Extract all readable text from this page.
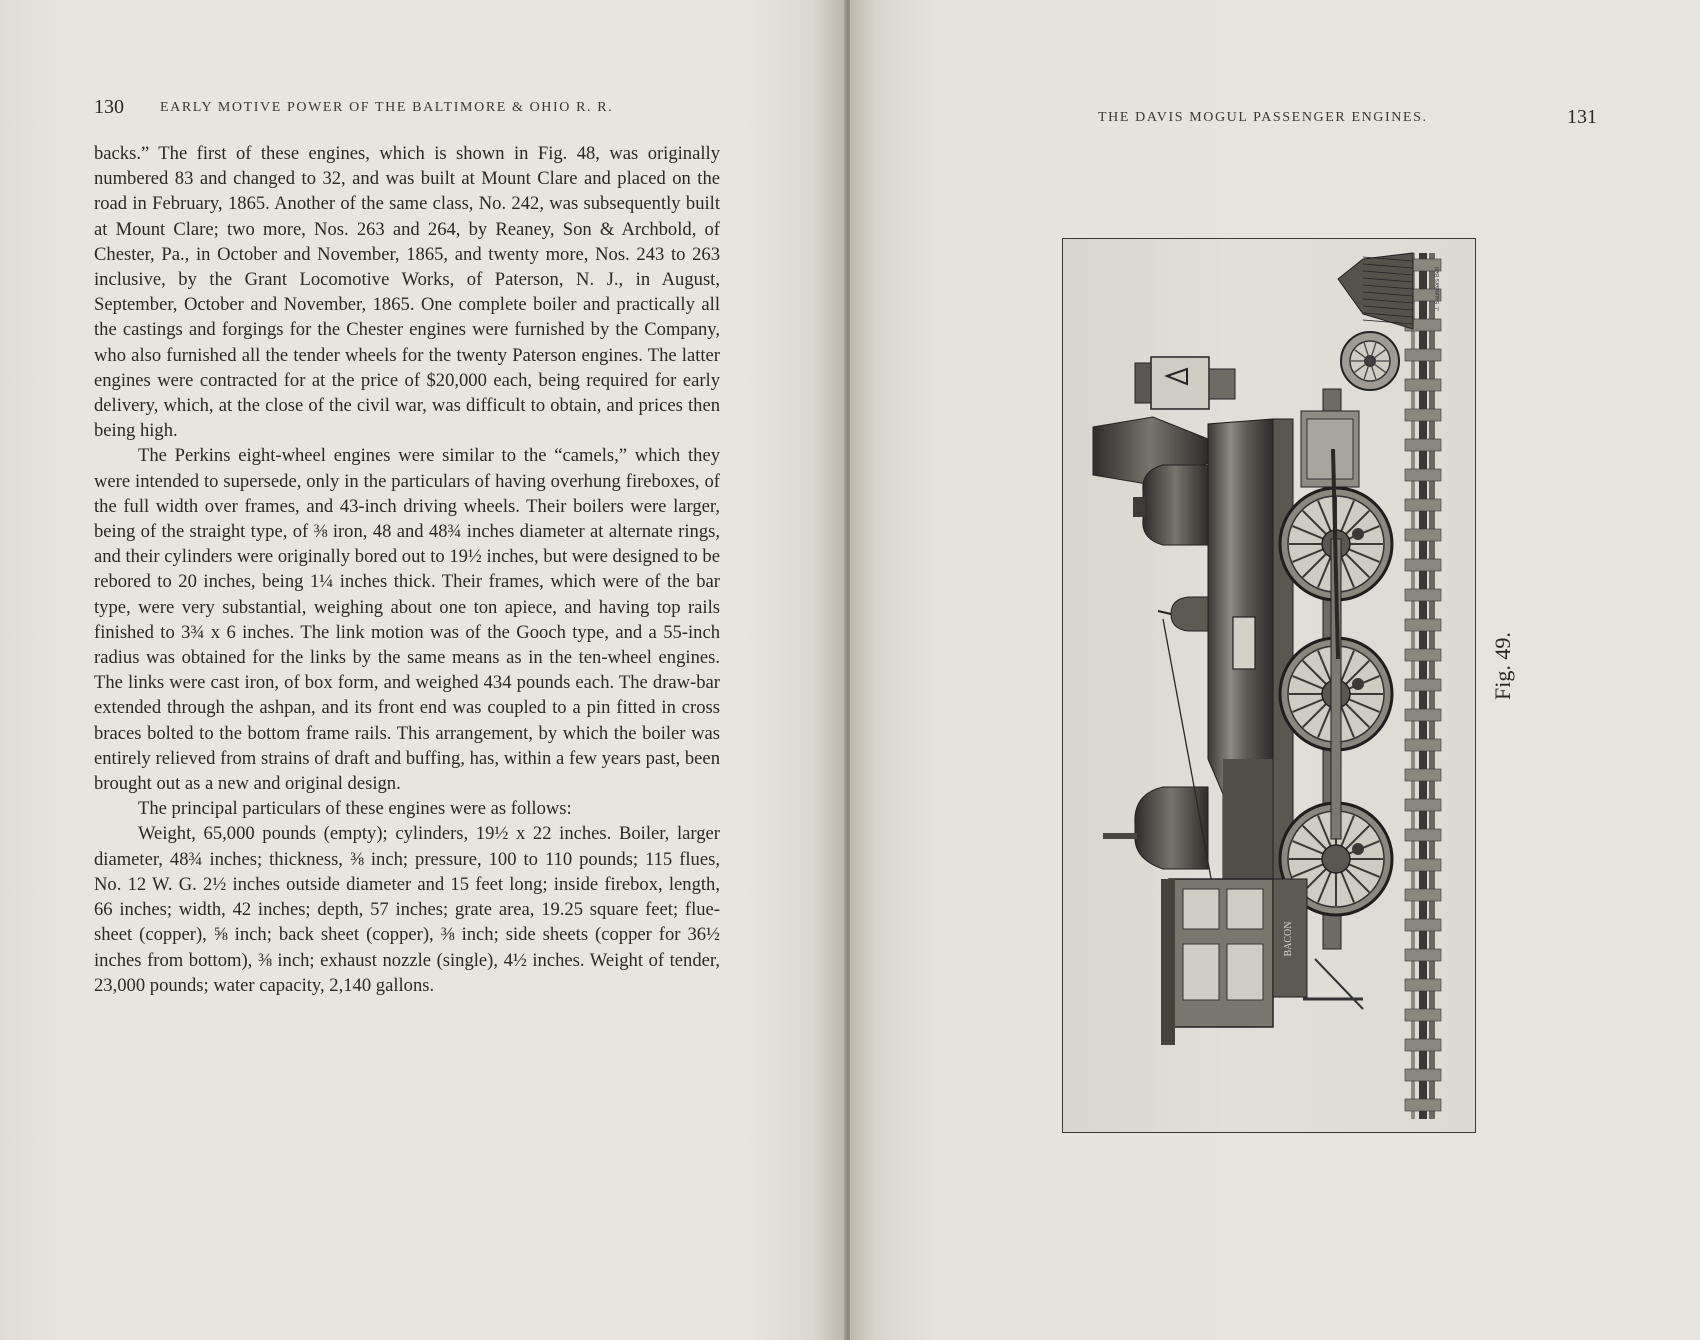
130	EARLY MOTIVE POWER OF THE BALTIMORE & OHIO R. R.

backs.” The first of these engines, which is shown in Fig. 48, was originally numbered 83 and changed to 32, and was built at Mount Clare and placed on the road in February, 1865. Another of the same class, No. 242, was subsequently built at Mount Clare; two more, Nos. 263 and 264, by Reaney, Son & Archbold, of Chester, Pa., in October and November, 1865, and twenty more, Nos. 243 to 263 inclusive, by the Grant Locomotive Works, of Paterson, N. J., in August, September, October and November, 1865. One complete boiler and practically all the castings and forgings for the Chester engines were furnished by the Company, who also furnished all the tender wheels for the twenty Paterson engines. The latter engines were contracted for at the price of $20,000 each, being required for early delivery, which, at the close of the civil war, was difficult to obtain, and prices then being high.

The Perkins eight-wheel engines were similar to the “camels,” which they were intended to supersede, only in the particulars of having overhung fireboxes, of the full width over frames, and 43-inch driving wheels. Their boilers were larger, being of the straight type, of ⅜ iron, 48 and 48¾ inches diameter at alternate rings, and their cylinders were originally bored out to 19½ inches, but were designed to be rebored to 20 inches, being 1¼ inches thick. Their frames, which were of the bar type, were very substantial, weighing about one ton apiece, and having top rails finished to 3¾ x 6 inches. The link motion was of the Gooch type, and a 55-inch radius was obtained for the links by the same means as in the ten-wheel engines. The links were cast iron, of box form, and weighed 434 pounds each. The draw-bar extended through the ashpan, and its front end was coupled to a pin fitted in cross braces bolted to the bottom frame rails. This arrangement, by which the boiler was entirely relieved from strains of draft and buffing, has, within a few years past, been brought out as a new and original design.

The principal particulars of these engines were as follows:

Weight, 65,000 pounds (empty); cylinders, 19½ x 22 inches. Boiler, larger diameter, 48¾ inches; thickness, ⅜ inch; pressure, 100 to 110 pounds; 115 flues, No. 12 W. G. 2½ inches outside diameter and 15 feet long; inside firebox, length, 66 inches; width, 42 inches; depth, 57 inches; grate area, 19.25 square feet; flue-sheet (copper), ⅝ inch; back sheet (copper), ⅜ inch; side sheets (copper for 36½ inches from bottom), ⅜ inch; exhaust nozzle (single), 4½ inches. Weight of tender, 23,000 pounds; water capacity, 2,140 gallons.

THE DAVIS MOGUL PASSENGER ENGINES.	131
BACON
J. Saunders Bell
Fig. 49.
